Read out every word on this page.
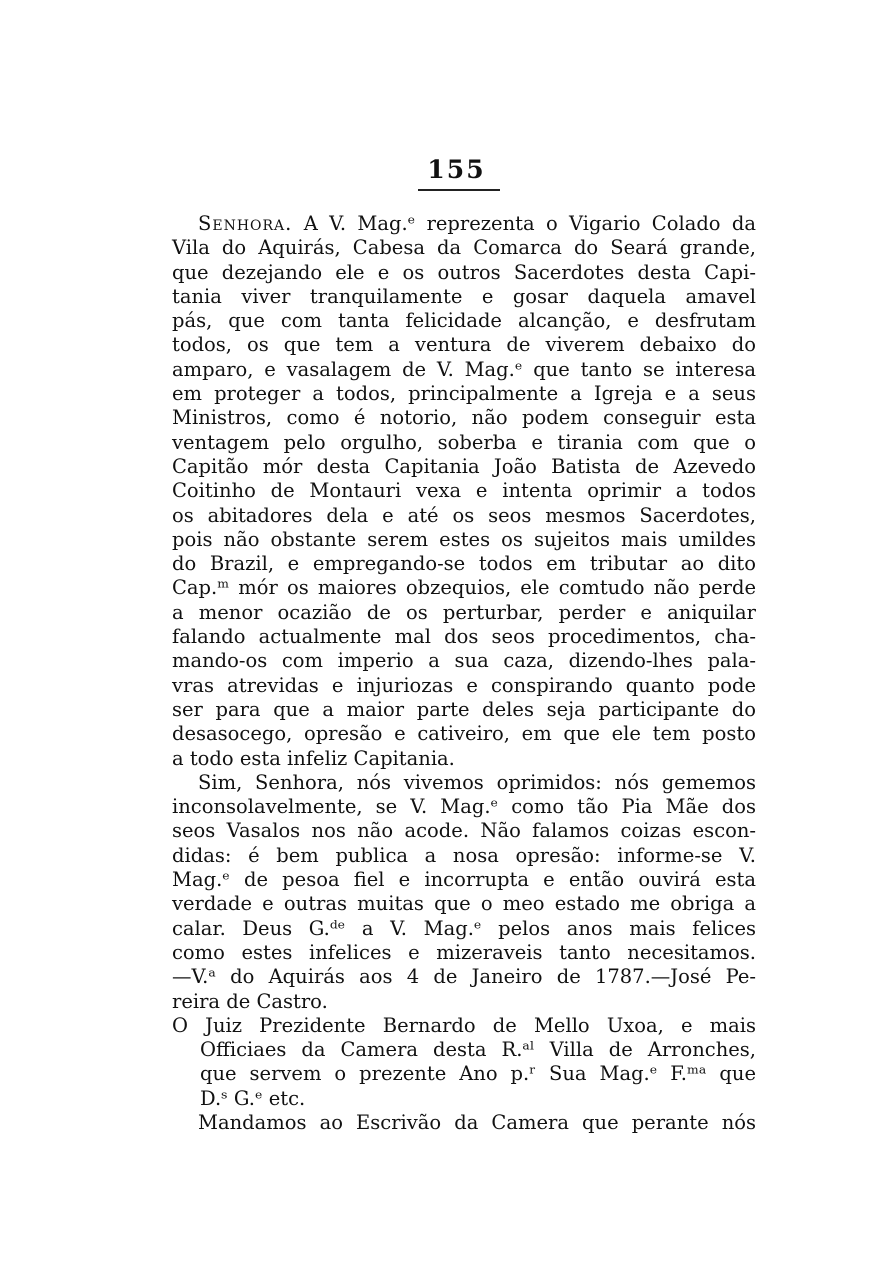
155
Senhora. A V. Mag.ᵉ reprezenta o Vigario Colado da
Vila do Aquirás, Cabesa da Comarca do Seará grande,
que dezejando ele e os outros Sacerdotes desta Capi-
tania viver tranquilamente e gosar daquela amavel
pás, que com tanta felicidade alcanção, e desfrutam
todos, os que tem a ventura de viverem debaixo do
amparo, e vasalagem de V. Mag.ᵉ que tanto se interesa
em proteger a todos, principalmente a Igreja e a seus
Ministros, como é notorio, não podem conseguir esta
ventagem pelo orgulho, soberba e tirania com que o
Capitão mór desta Capitania João Batista de Azevedo
Coitinho de Montauri vexa e intenta oprimir a todos
os abitadores dela e até os seos mesmos Sacerdotes,
pois não obstante serem estes os sujeitos mais umildes
do Brazil, e empregando-se todos em tributar ao dito
Cap.ᵐ mór os maiores obzequios, ele comtudo não perde
a menor ocazião de os perturbar, perder e aniquilar
falando actualmente mal dos seos procedimentos, cha-
mando-os com imperio a sua caza, dizendo-lhes pala-
vras atrevidas e injuriozas e conspirando quanto pode
ser para que a maior parte deles seja participante do
desasocego, opresão e cativeiro, em que ele tem posto
a todo esta infeliz Capitania.
Sim, Senhora, nós vivemos oprimidos: nós gememos
inconsolavelmente, se V. Mag.ᵉ como tão Pia Mãe dos
seos Vasalos nos não acode. Não falamos coizas escon-
didas: é bem publica a nosa opresão: informe-se V.
Mag.ᵉ de pesoa fiel e incorrupta e então ouvirá esta
verdade e outras muitas que o meo estado me obriga a
calar. Deus G.ᵈᵉ a V. Mag.ᵉ pelos anos mais felices
como estes infelices e mizeraveis tanto necesitamos.
—V.ᵃ do Aquirás aos 4 de Janeiro de 1787.—José Pe-
reira de Castro.
O Juiz Prezidente Bernardo de Mello Uxoa, e mais
Officiaes da Camera desta R.ᵃˡ Villa de Arronches,
que servem o prezente Ano p.ʳ Sua Mag.ᵉ F.ᵐᵃ que
D.ˢ G.ᵉ etc.
Mandamos ao Escrivão da Camera que perante nós
